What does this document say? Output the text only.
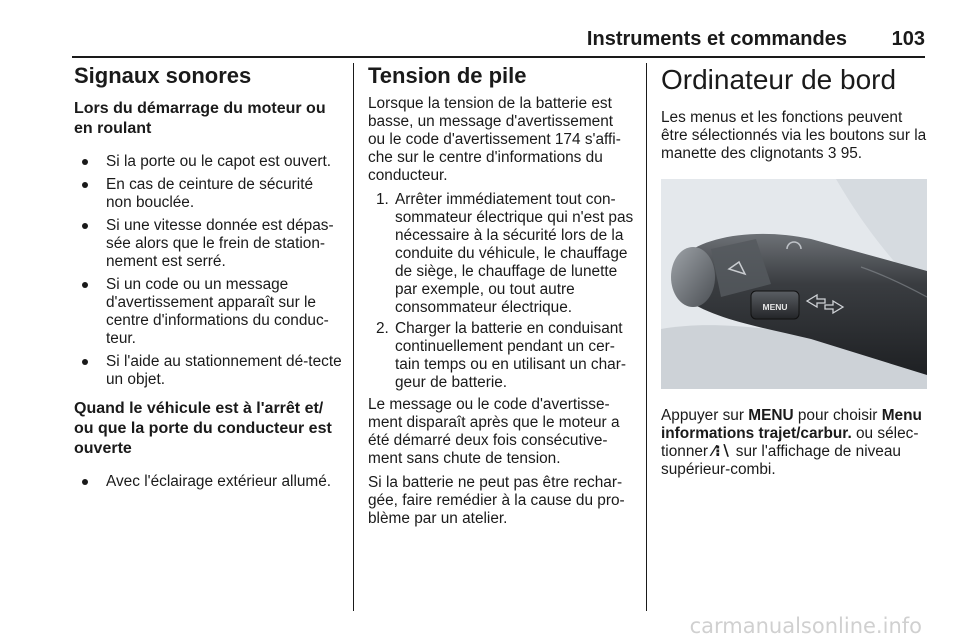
Instruments et commandes 103
Signaux sonores
Lors du démarrage du moteur ou en roulant
Si la porte ou le capot est ouvert.
En cas de ceinture de sécurité non bouclée.
Si une vitesse donnée est dépas-sée alors que le frein de station-nement est serré.
Si un code ou un message d'avertissement apparaît sur le centre d'informations du conduc-teur.
Si l'aide au stationnement dé-tecte un objet.
Quand le véhicule est à l'arrêt et/ ou que la porte du conducteur est ouverte
Avec l'éclairage extérieur allumé.
Tension de pile

Lorsque la tension de la batterie est basse, un message d'avertissement ou le code d'avertissement 174 s'affi-che sur le centre d'informations du conducteur.

1. Arrêter immédiatement tout con-sommateur électrique qui n'est pas nécessaire à la sécurité lors de la conduite du véhicule, le chauffage de siège, le chauffage de lunette par exemple, ou tout autre consommateur électrique.
2. Charger la batterie en conduisant continuellement pendant un cer-tain temps ou en utilisant un char-geur de batterie.

Le message ou le code d'avertisse-ment disparaît après que le moteur a été démarré deux fois consécutive-ment sans chute de tension.

Si la batterie ne peut pas être rechar-gée, faire remédier à la cause du pro-blème par un atelier.

Ordinateur de bord

Les menus et les fonctions peuvent être sélectionnés via les boutons sur la manette des clignotants 3 95.

MENU

Appuyer sur MENU pour choisir Menu informations trajet/carbur. ou sélec-tionner ⁄⁝∖ sur l'affichage de niveau supérieur-combi.

carmanualsonline.info
